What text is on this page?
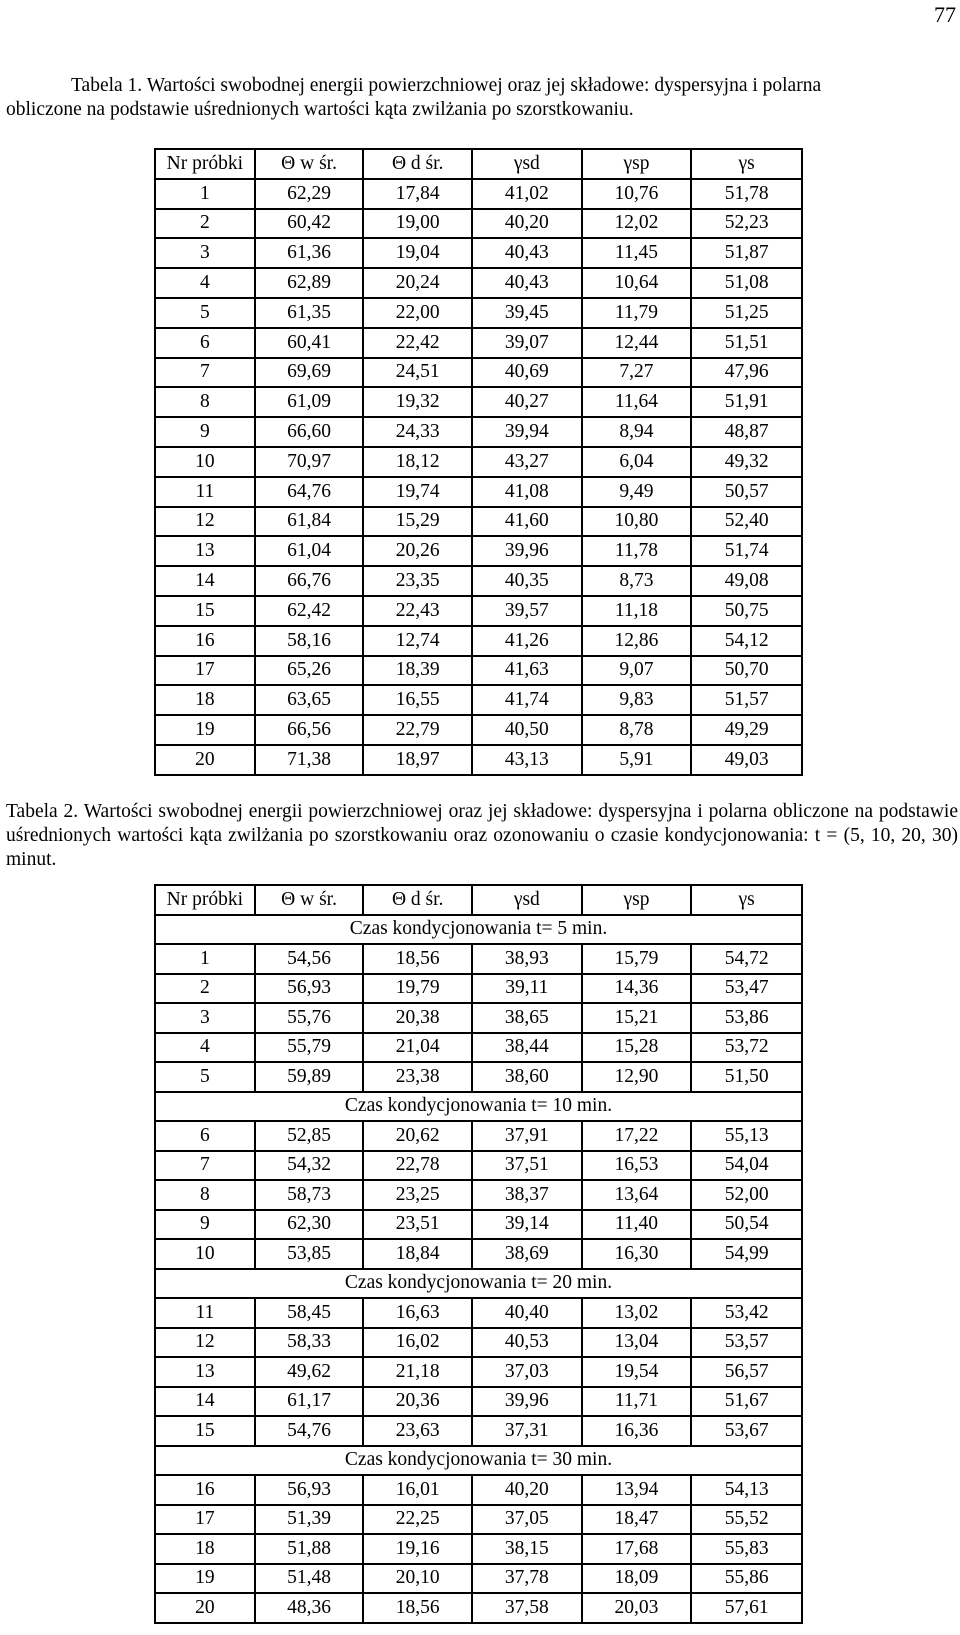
77
Tabela 1. Wartości swobodnej energii powierzchniowej oraz jej składowe: dyspersyjna i polarna
obliczone na podstawie uśrednionych wartości kąta zwilżania po szorstkowaniu.
Nr próbki	Θ w śr.	Θ d śr.	γsd	γsp	γs
1	62,29	17,84	41,02	10,76	51,78
2	60,42	19,00	40,20	12,02	52,23
3	61,36	19,04	40,43	11,45	51,87
4	62,89	20,24	40,43	10,64	51,08
5	61,35	22,00	39,45	11,79	51,25
6	60,41	22,42	39,07	12,44	51,51
7	69,69	24,51	40,69	7,27	47,96
8	61,09	19,32	40,27	11,64	51,91
9	66,60	24,33	39,94	8,94	48,87
10	70,97	18,12	43,27	6,04	49,32
11	64,76	19,74	41,08	9,49	50,57
12	61,84	15,29	41,60	10,80	52,40
13	61,04	20,26	39,96	11,78	51,74
14	66,76	23,35	40,35	8,73	49,08
15	62,42	22,43	39,57	11,18	50,75
16	58,16	12,74	41,26	12,86	54,12
17	65,26	18,39	41,63	9,07	50,70
18	63,65	16,55	41,74	9,83	51,57
19	66,56	22,79	40,50	8,78	49,29
20	71,38	18,97	43,13	5,91	49,03
Tabela 2. Wartości swobodnej energii powierzchniowej oraz jej składowe: dyspersyjna i polarna obliczone na podstawie uśrednionych wartości kąta zwilżania po szorstkowaniu oraz ozonowaniu o czasie kondycjonowania: t = (5, 10, 20, 30) minut.
Nr próbki	Θ w śr.	Θ d śr.	γsd	γsp	γs
Czas kondycjonowania t= 5 min.					
1	54,56	18,56	38,93	15,79	54,72
2	56,93	19,79	39,11	14,36	53,47
3	55,76	20,38	38,65	15,21	53,86
4	55,79	21,04	38,44	15,28	53,72
5	59,89	23,38	38,60	12,90	51,50
Czas kondycjonowania t= 10 min.					
6	52,85	20,62	37,91	17,22	55,13
7	54,32	22,78	37,51	16,53	54,04
8	58,73	23,25	38,37	13,64	52,00
9	62,30	23,51	39,14	11,40	50,54
10	53,85	18,84	38,69	16,30	54,99
Czas kondycjonowania t= 20 min.					
11	58,45	16,63	40,40	13,02	53,42
12	58,33	16,02	40,53	13,04	53,57
13	49,62	21,18	37,03	19,54	56,57
14	61,17	20,36	39,96	11,71	51,67
15	54,76	23,63	37,31	16,36	53,67
Czas kondycjonowania t= 30 min.					
16	56,93	16,01	40,20	13,94	54,13
17	51,39	22,25	37,05	18,47	55,52
18	51,88	19,16	38,15	17,68	55,83
19	51,48	20,10	37,78	18,09	55,86
20	48,36	18,56	37,58	20,03	57,61
